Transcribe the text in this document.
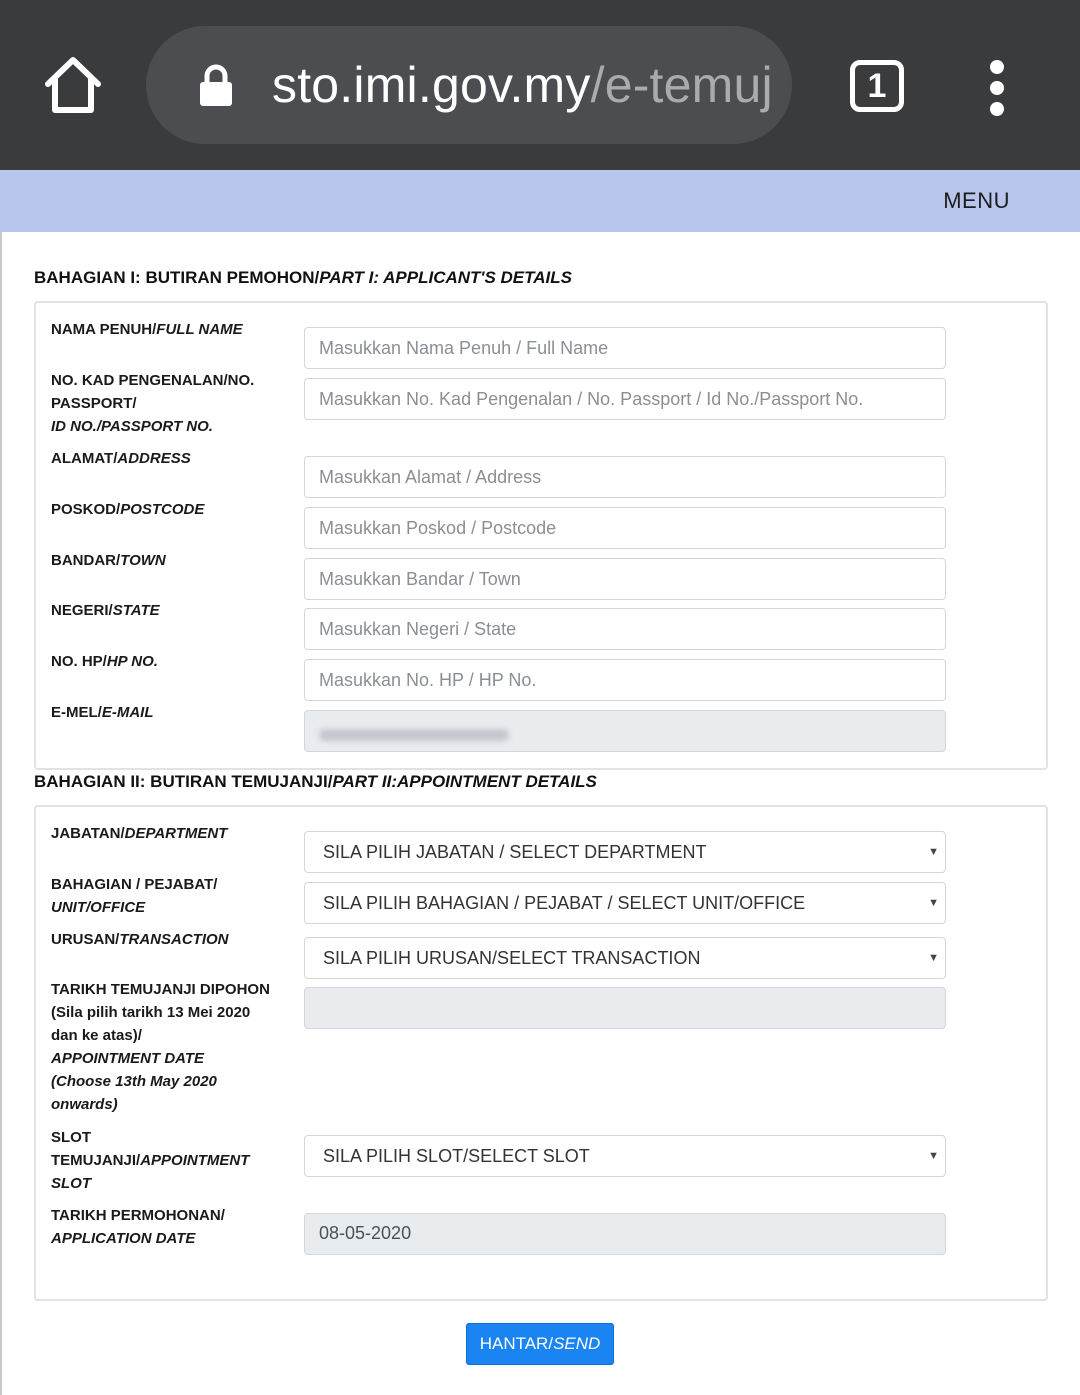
sto.imi.gov.my/e-temuj	1
MENU
BAHAGIAN I: BUTIRAN PEMOHON/PART I: APPLICANT'S DETAILS
NAMA PENUH/FULL NAME
Masukkan Nama Penuh / Full Name
NO. KAD PENGENALAN/NO.
PASSPORT/
ID NO./PASSPORT NO.
Masukkan No. Kad Pengenalan / No. Passport / Id No./Passport No.
ALAMAT/ADDRESS
Masukkan Alamat / Address
POSKOD/POSTCODE
Masukkan Poskod / Postcode
BANDAR/TOWN
Masukkan Bandar / Town
NEGERI/STATE
Masukkan Negeri / State
NO. HP/HP NO.
Masukkan No. HP / HP No.
E-MEL/E-MAIL
BAHAGIAN II: BUTIRAN TEMUJANJI/PART II:APPOINTMENT DETAILS
JABATAN/DEPARTMENT
SILA PILIH JABATAN / SELECT DEPARTMENT	▼
BAHAGIAN / PEJABAT/
UNIT/OFFICE	SILA PILIH BAHAGIAN / PEJABAT / SELECT UNIT/OFFICE	▼
URUSAN/TRANSACTION
SILA PILIH URUSAN/SELECT TRANSACTION	▼
TARIKH TEMUJANJI DIPOHON
(Sila pilih tarikh 13 Mei 2020
dan ke atas)/
APPOINTMENT DATE
(Choose 13th May 2020
onwards)
SLOT
TEMUJANJI/APPOINTMENT
SLOT
SILA PILIH SLOT/SELECT SLOT	▼
TARIKH PERMOHONAN/
APPLICATION DATE	08-05-2020
HANTAR/SEND
